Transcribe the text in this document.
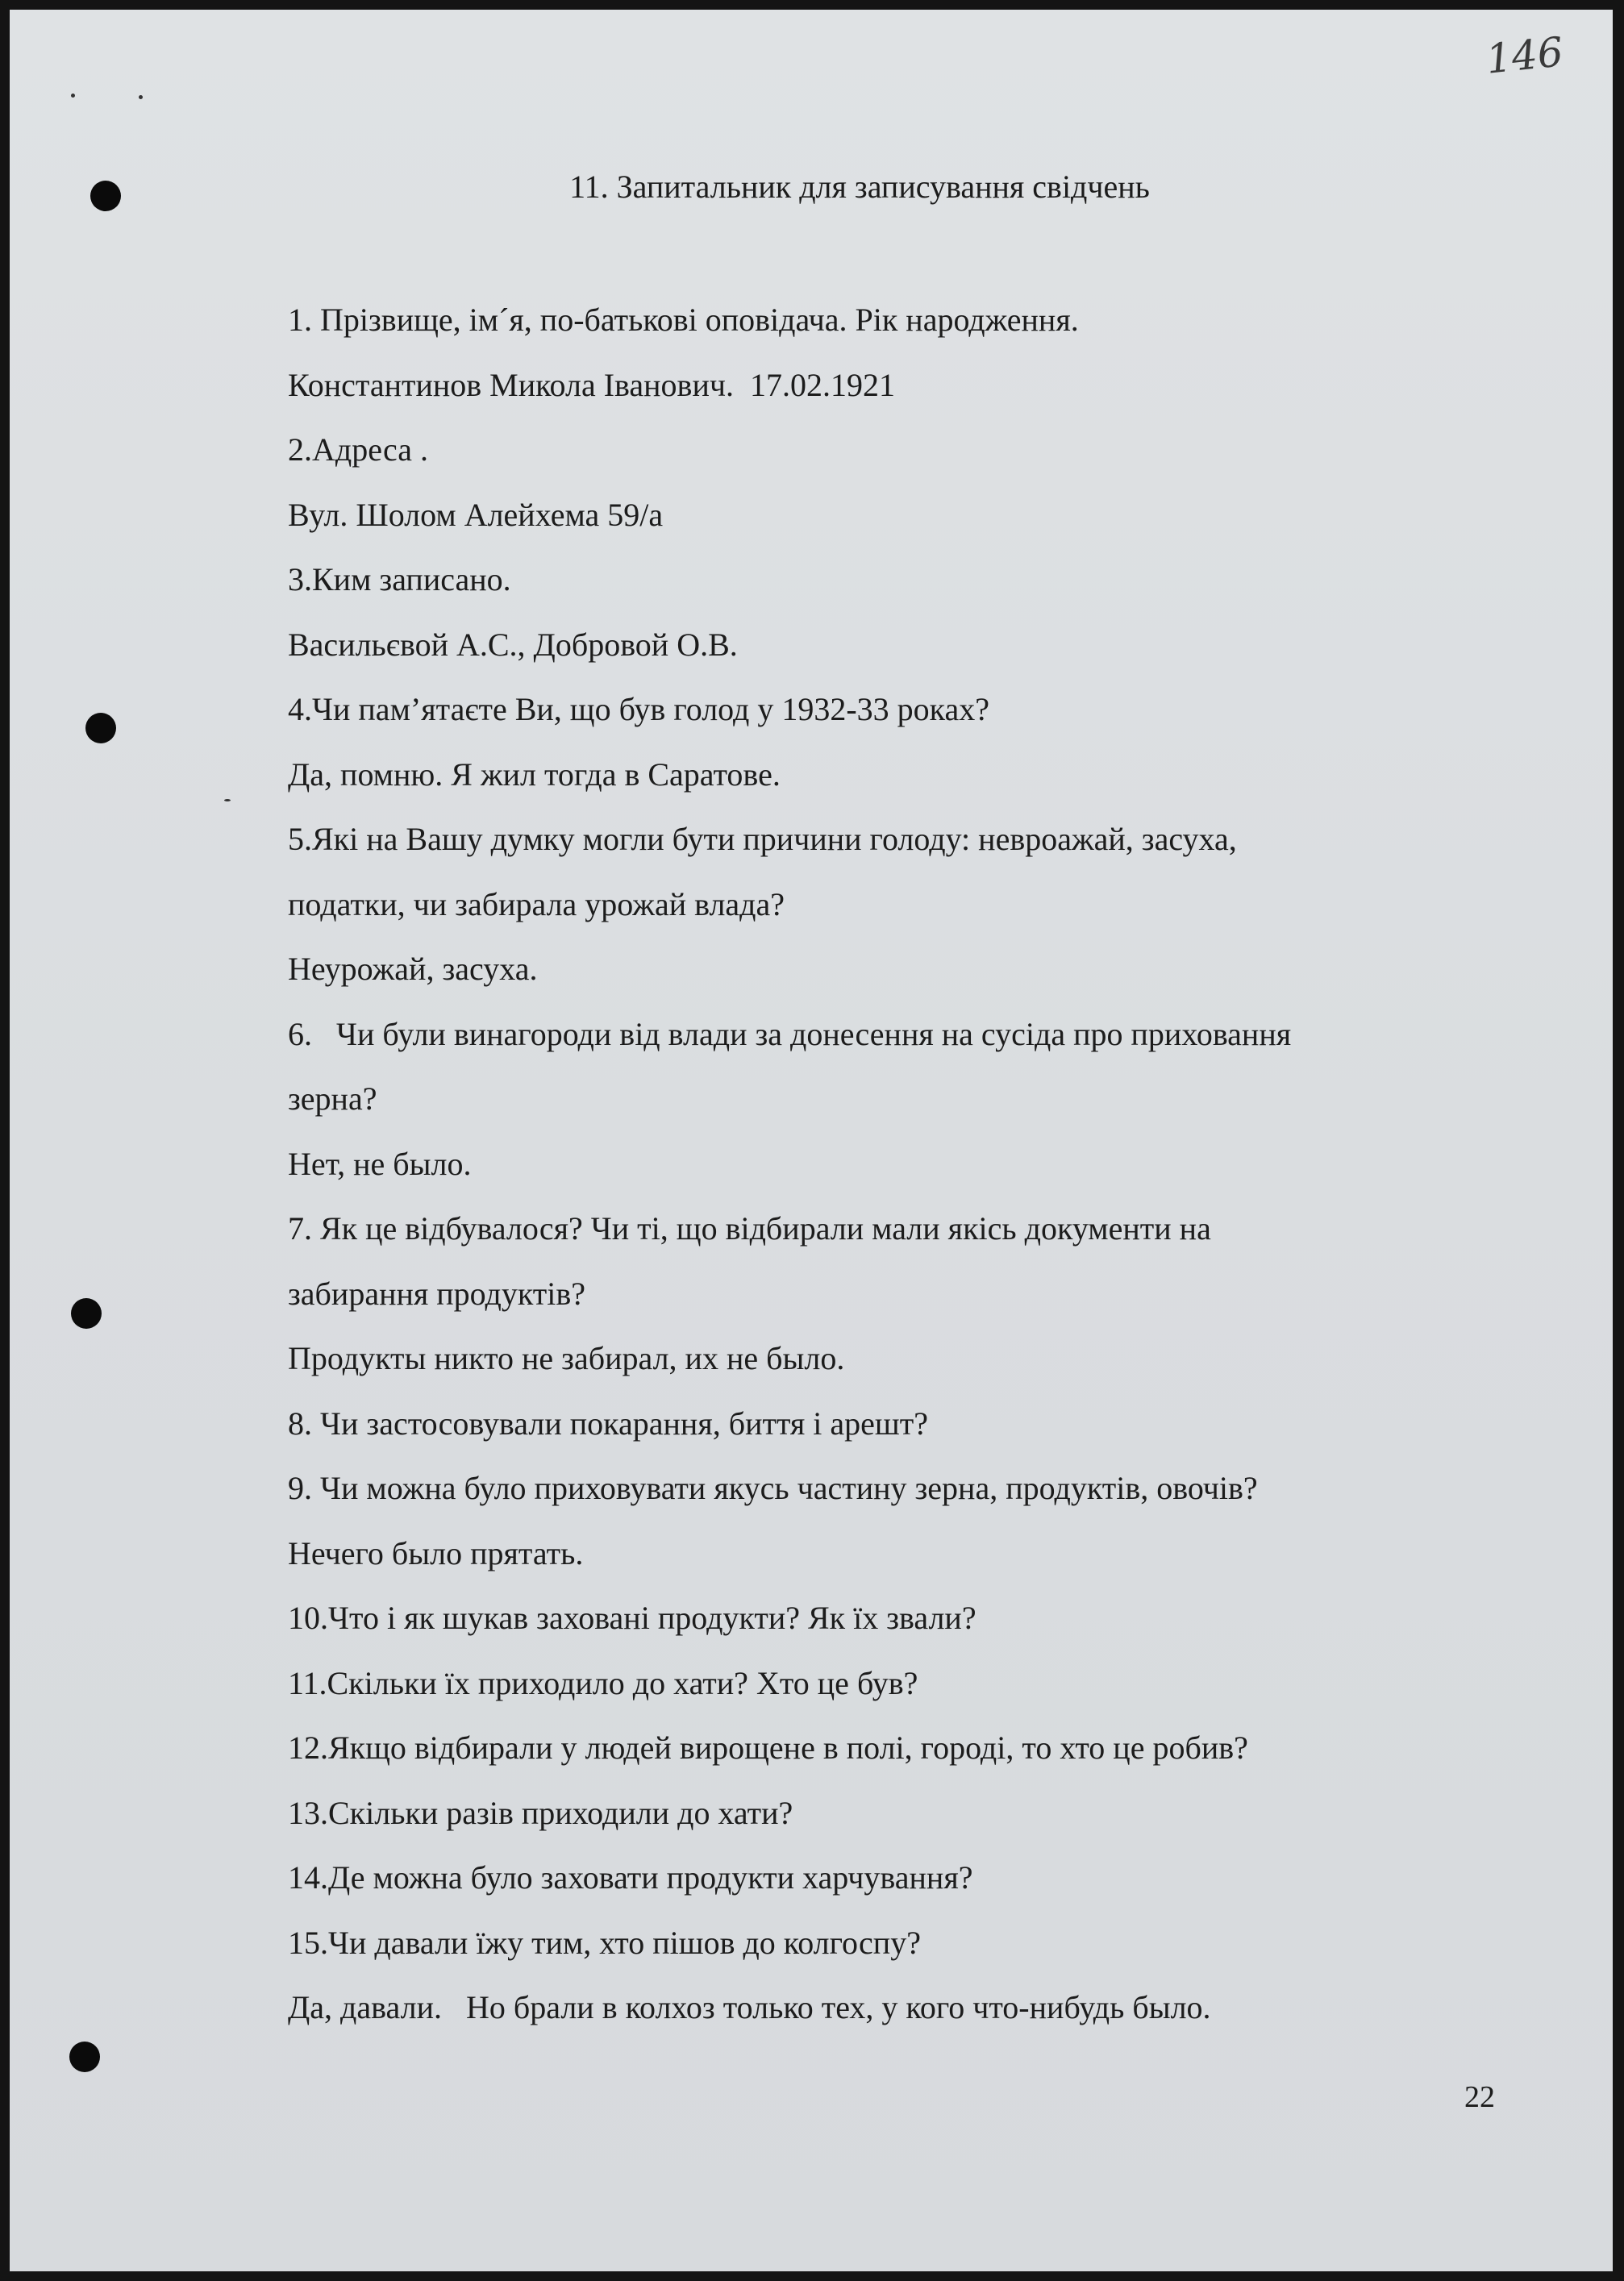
146
11. Запитальник для записування свідчень
1. Прізвище, ім´я, по-батькові оповідача. Рік народження.
Константинов Микола Іванович.  17.02.1921
2.Адреса .
Вул. Шолом Алейхема 59/а
3.Ким записано.
Васильєвой А.С., Добровой О.В.
4.Чи пам’ятаєте Ви, що був голод у 1932-33 роках?
Да, помню. Я жил тогда в Саратове.
5.Які на Вашу думку могли бути причини голоду: невроажай, засуха,
податки, чи забирала урожай влада?
Неурожай, засуха.
6.   Чи були винагороди від влади за донесення на сусіда про приховання
зерна?
Нет, не было.
7. Як це відбувалося? Чи ті, що відбирали мали якісь документи на
забирання продуктів?
Продукты никто не забирал, их не было.
8. Чи застосовували покарання, биття і арешт?
9. Чи можна було приховувати якусь частину зерна, продуктів, овочів?
Нечего было прятать.
10.Что і як шукав заховані продукти? Як їх звали?
11.Скільки їх приходило до хати? Хто це був?
12.Якщо відбирали у людей вирощене в полі, городі, то хто це робив?
13.Скільки разів приходили до хати?
14.Де можна було заховати продукти харчування?
15.Чи давали їжу тим, хто пішов до колгоспу?
Да, давали.   Но брали в колхоз только тех, у кого что-нибудь было.
22
